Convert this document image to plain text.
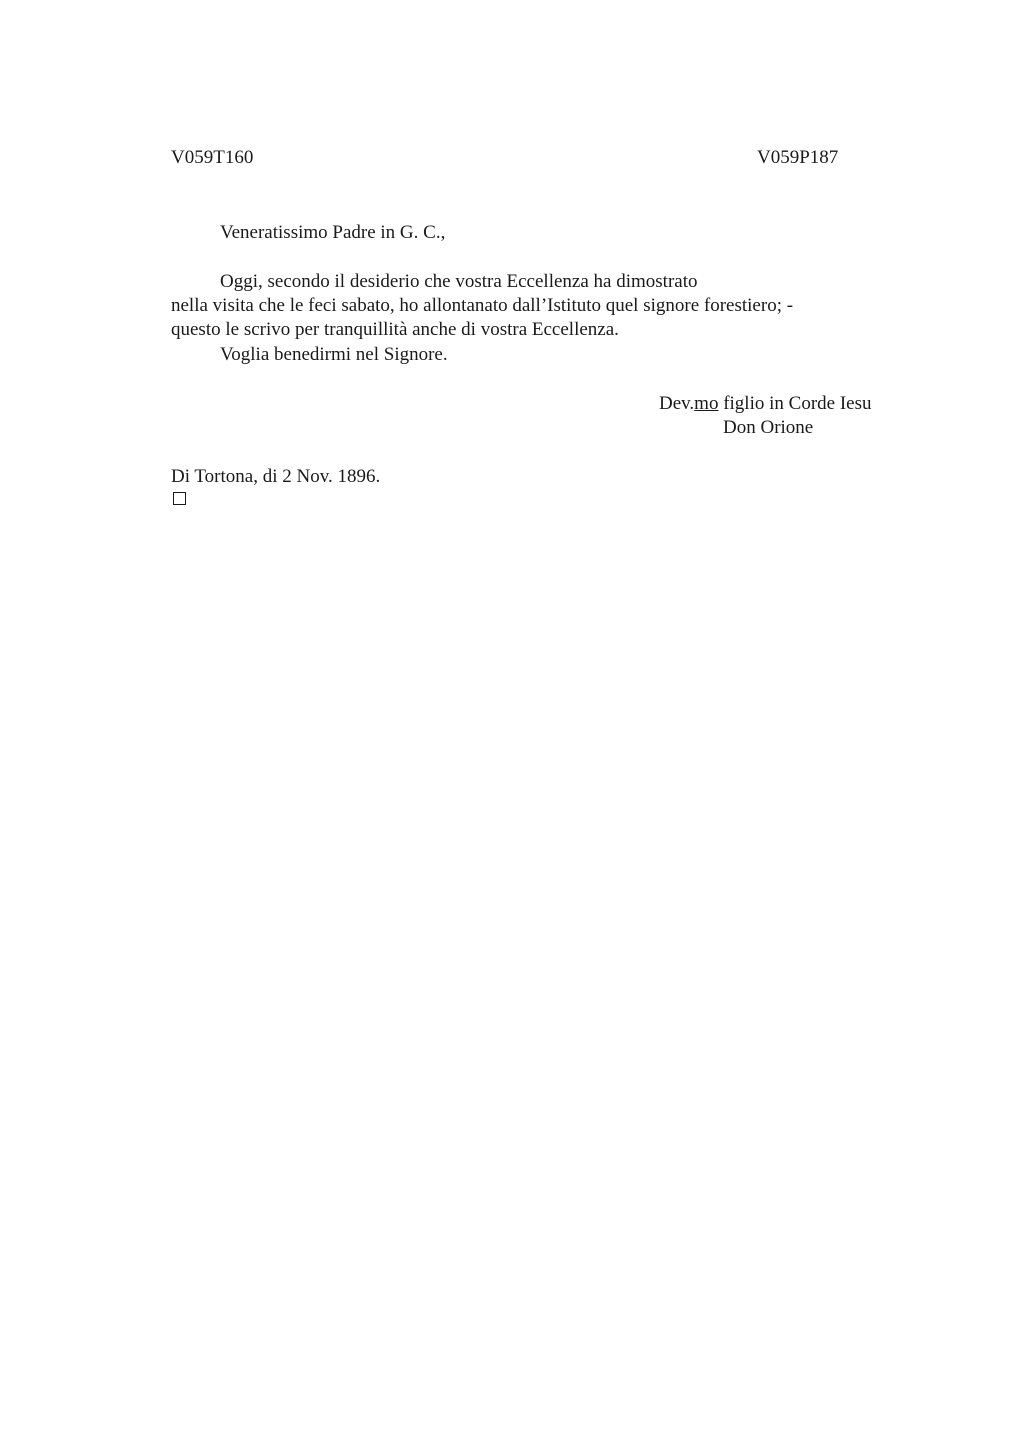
V059T160	V059P187
Veneratissimo Padre in G. C.,
Oggi, secondo il desiderio che vostra Eccellenza ha dimostrato
nella visita che le feci sabato, ho allontanato dall’Istituto quel signore forestiero; -
questo le scrivo per tranquillità anche di vostra Eccellenza.
Voglia benedirmi nel Signore.
Dev.mo figlio in Corde Iesu
Don Orione
Di Tortona, di 2 Nov. 1896.
